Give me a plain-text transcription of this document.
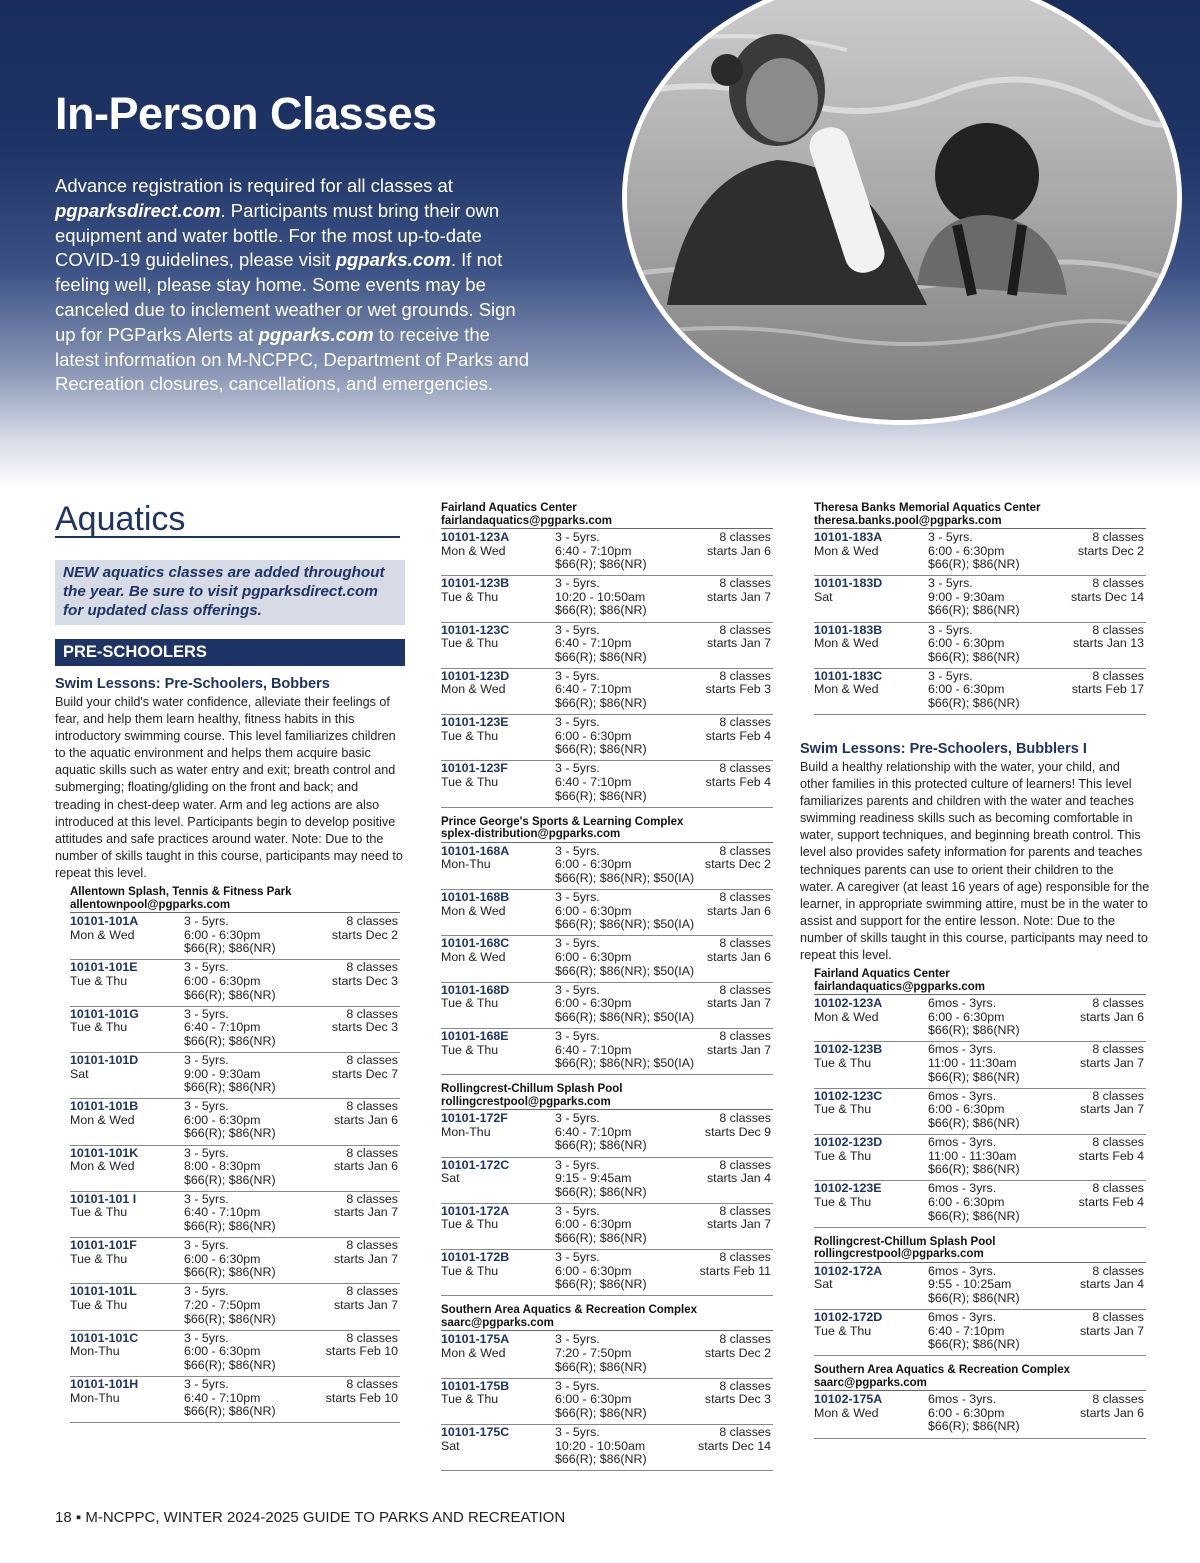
In-Person Classes

Advance registration is required for all classes at pgparksdirect.com. Participants must bring their own equipment and water bottle. For the most up-to-date COVID-19 guidelines, please visit pgparks.com. If not feeling well, please stay home. Some events may be canceled due to inclement weather or wet grounds. Sign up for PGParks Alerts at pgparks.com to receive the latest information on M-NCPPC, Department of Parks and Recreation closures, cancellations, and emergencies.

Aquatics
NEW aquatics classes are added throughout the year. Be sure to visit pgparksdirect.com for updated class offerings.
PRE-SCHOOLERS
Swim Lessons: Pre-Schoolers, Bobbers

Build your child's water confidence, alleviate their feelings of fear, and help them learn healthy, fitness habits in this introductory swimming course. This level familiarizes children to the aquatic environment and helps them acquire basic aquatic skills such as water entry and exit; breath control and submerging; floating/gliding on the front and back; and treading in chest-deep water. Arm and leg actions are also introduced at this level. Participants begin to develop positive attitudes and safe practices around water. Note: Due to the number of skills taught in this course, participants may need to repeat this level.

Allentown Splash, Tennis & Fitness Park
allentownpool@pgparks.com
10101-101A
Mon & Wed
3 - 5yrs.
6:00 - 6:30pm
$66(R); $86(NR)
8 classes
starts Dec 2
10101-101E
Tue & Thu
3 - 5yrs.
6:00 - 6:30pm
$66(R); $86(NR)
8 classes
starts Dec 3
10101-101G
Tue & Thu
3 - 5yrs.
6:40 - 7:10pm
$66(R); $86(NR)
8 classes
starts Dec 3
10101-101D
Sat
3 - 5yrs.
9:00 - 9:30am
$66(R); $86(NR)
8 classes
starts Dec 7
10101-101B
Mon & Wed
3 - 5yrs.
6:00 - 6:30pm
$66(R); $86(NR)
8 classes
starts Jan 6
10101-101K
Mon & Wed
3 - 5yrs.
8:00 - 8:30pm
$66(R); $86(NR)
8 classes
starts Jan 6
10101-101 I
Tue & Thu
3 - 5yrs.
6:40 - 7:10pm
$66(R); $86(NR)
8 classes
starts Jan 7
10101-101F
Tue & Thu
3 - 5yrs.
6:00 - 6:30pm
$66(R); $86(NR)
8 classes
starts Jan 7
10101-101L
Tue & Thu
3 - 5yrs.
7:20 - 7:50pm
$66(R); $86(NR)
8 classes
starts Jan 7
10101-101C
Mon-Thu
3 - 5yrs.
6:00 - 6:30pm
$66(R); $86(NR)
8 classes
starts Feb 10
10101-101H
Mon-Thu
3 - 5yrs.
6:40 - 7:10pm
$66(R); $86(NR)
8 classes
starts Feb 10
Fairland Aquatics Center
fairlandaquatics@pgparks.com
10101-123A
Mon & Wed
3 - 5yrs.
6:40 - 7:10pm
$66(R); $86(NR)
8 classes
starts Jan 6
10101-123B
Tue & Thu
3 - 5yrs.
10:20 - 10:50am
$66(R); $86(NR)
8 classes
starts Jan 7
10101-123C
Tue & Thu
3 - 5yrs.
6:40 - 7:10pm
$66(R); $86(NR)
8 classes
starts Jan 7
10101-123D
Mon & Wed
3 - 5yrs.
6:40 - 7:10pm
$66(R); $86(NR)
8 classes
starts Feb 3
10101-123E
Tue & Thu
3 - 5yrs.
6:00 - 6:30pm
$66(R); $86(NR)
8 classes
starts Feb 4
10101-123F
Tue & Thu
3 - 5yrs.
6:40 - 7:10pm
$66(R); $86(NR)
8 classes
starts Feb 4
Prince George's Sports & Learning Complex
splex-distribution@pgparks.com
10101-168A
Mon-Thu
3 - 5yrs.
6:00 - 6:30pm
$66(R); $86(NR); $50(IA)
8 classes
starts Dec 2
10101-168B
Mon & Wed
3 - 5yrs.
6:00 - 6:30pm
$66(R); $86(NR); $50(IA)
8 classes
starts Jan 6
10101-168C
Mon & Wed
3 - 5yrs.
6:00 - 6:30pm
$66(R); $86(NR); $50(IA)
8 classes
starts Jan 6
10101-168D
Tue & Thu
3 - 5yrs.
6:00 - 6:30pm
$66(R); $86(NR); $50(IA)
8 classes
starts Jan 7
10101-168E
Tue & Thu
3 - 5yrs.
6:40 - 7:10pm
$66(R); $86(NR); $50(IA)
8 classes
starts Jan 7
Rollingcrest-Chillum Splash Pool
rollingcrestpool@pgparks.com
10101-172F
Mon-Thu
3 - 5yrs.
6:40 - 7:10pm
$66(R); $86(NR)
8 classes
starts Dec 9
10101-172C
Sat
3 - 5yrs.
9:15 - 9:45am
$66(R); $86(NR)
8 classes
starts Jan 4
10101-172A
Tue & Thu
3 - 5yrs.
6:00 - 6:30pm
$66(R); $86(NR)
8 classes
starts Jan 7
10101-172B
Tue & Thu
3 - 5yrs.
6:00 - 6:30pm
$66(R); $86(NR)
8 classes
starts Feb 11
Southern Area Aquatics & Recreation Complex
saarc@pgparks.com
10101-175A
Mon & Wed
3 - 5yrs.
7:20 - 7:50pm
$66(R); $86(NR)
8 classes
starts Dec 2
10101-175B
Tue & Thu
3 - 5yrs.
6:00 - 6:30pm
$66(R); $86(NR)
8 classes
starts Dec 3
10101-175C
Sat
3 - 5yrs.
10:20 - 10:50am
$66(R); $86(NR)
8 classes
starts Dec 14
Theresa Banks Memorial Aquatics Center
theresa.banks.pool@pgparks.com
10101-183A
Mon & Wed
3 - 5yrs.
6:00 - 6:30pm
$66(R); $86(NR)
8 classes
starts Dec 2
10101-183D
Sat
3 - 5yrs.
9:00 - 9:30am
$66(R); $86(NR)
8 classes
starts Dec 14
10101-183B
Mon & Wed
3 - 5yrs.
6:00 - 6:30pm
$66(R); $86(NR)
8 classes
starts Jan 13
10101-183C
Mon & Wed
3 - 5yrs.
6:00 - 6:30pm
$66(R); $86(NR)
8 classes
starts Feb 17
Swim Lessons: Pre-Schoolers, Bubblers I

Build a healthy relationship with the water, your child, and other families in this protected culture of learners! This level familiarizes parents and children with the water and teaches swimming readiness skills such as becoming comfortable in water, support techniques, and beginning breath control. This level also provides safety information for parents and teaches techniques parents can use to orient their children to the water. A caregiver (at least 16 years of age) responsible for the learner, in appropriate swimming attire, must be in the water to assist and support for the entire lesson. Note: Due to the number of skills taught in this course, participants may need to repeat this level.

Fairland Aquatics Center
fairlandaquatics@pgparks.com
10102-123A
Mon & Wed
6mos - 3yrs.
6:00 - 6:30pm
$66(R); $86(NR)
8 classes
starts Jan 6
10102-123B
Tue & Thu
6mos - 3yrs.
11:00 - 11:30am
$66(R); $86(NR)
8 classes
starts Jan 7
10102-123C
Tue & Thu
6mos - 3yrs.
6:00 - 6:30pm
$66(R); $86(NR)
8 classes
starts Jan 7
10102-123D
Tue & Thu
6mos - 3yrs.
11:00 - 11:30am
$66(R); $86(NR)
8 classes
starts Feb 4
10102-123E
Tue & Thu
6mos - 3yrs.
6:00 - 6:30pm
$66(R); $86(NR)
8 classes
starts Feb 4
Rollingcrest-Chillum Splash Pool
rollingcrestpool@pgparks.com
10102-172A
Sat
6mos - 3yrs.
9:55 - 10:25am
$66(R); $86(NR)
8 classes
starts Jan 4
10102-172D
Tue & Thu
6mos - 3yrs.
6:40 - 7:10pm
$66(R); $86(NR)
8 classes
starts Jan 7
Southern Area Aquatics & Recreation Complex
saarc@pgparks.com
10102-175A
Mon & Wed
6mos - 3yrs.
6:00 - 6:30pm
$66(R); $86(NR)
8 classes
starts Jan 6
18 ▪ M-NCPPC, WINTER 2024-2025 GUIDE TO PARKS AND RECREATION
